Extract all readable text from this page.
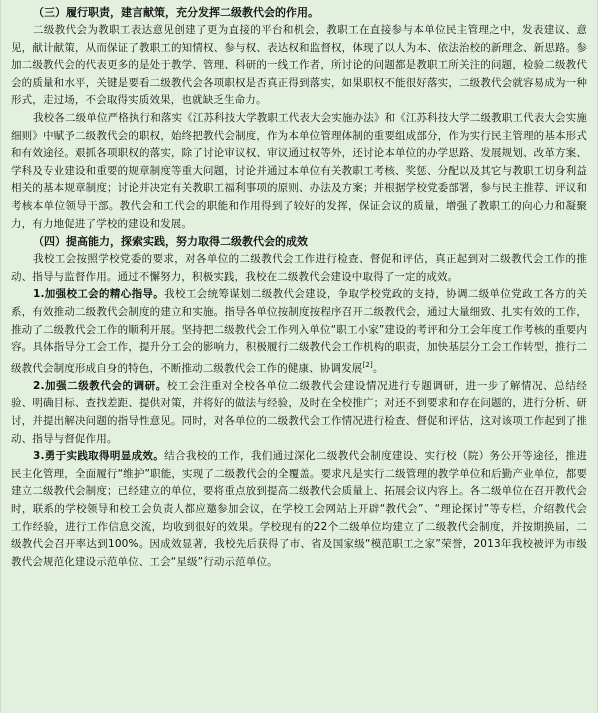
（三）履行职责，建言献策，充分发挥二级教代会的作用。

二级教代会为教职工表达意见创建了更为直接的平台和机会，教职工在直接参与本单位民主管理之中，发表建议、意见，献计献策，从而保证了教职工的知情权、参与权、表达权和监督权，体现了以人为本、依法治校的新理念、新思路。参加二级教代会的代表更多的是处于教学、管理、科研的一线工作者，所讨论的问题都是教职工所关注的问题，检验二级教代会的质量和水平，关键是要看二级教代会各项职权是否真正得到落实，如果职权不能很好落实，二级教代会就容易成为一种形式，走过场，不会取得实质效果，也就缺乏生命力。

我校各二级单位严格执行和落实《江苏科技大学教职工代表大会实施办法》和《江苏科技大学二级教职工代表大会实施细则》中赋予二级教代会的职权，始终把教代会制度，作为本单位管理体制的重要组成部分，作为实行民主管理的基本形式和有效途径。艰抓各项职权的落实，除了讨论审议权、审议通过权等外，还讨论本单位的办学思路、发展规划、改革方案、学科及专业建设和重要的规章制度等重大问题，讨论并通过本单位有关教职工考核、奖惩、分配以及其它与教职工切身利益相关的基本规章制度；讨论并决定有关教职工福利事项的原则、办法及方案；并根据学校党委部署，参与民主推荐、评议和考核本单位领导干部。教代会和工代会的职能和作用得到了较好的发挥，保证会议的质量，增强了教职工的向心力和凝聚力，有力地促进了学校的建设和发展。

（四）提高能力，探索实践，努力取得二级教代会的成效

我校工会按照学校党委的要求，对各单位的二级教代会工作进行检查、督促和评估，真正起到对二级教代会工作的推动、指导与监督作用。通过不懈努力，积极实践，我校在二级教代会建设中取得了一定的成效。

1.加强校工会的精心指导。我校工会统筹谋划二级教代会建设，争取学校党政的支持，协调二级单位党政工各方的关系，有效推动二级教代会制度的建立和实施。指导各单位按制度按程序召开二级教代会，通过大量细致、扎实有效的工作，推动了二级教代会工作的顺利开展。坚持把二级教代会工作列入单位“职工小家”建设的考评和分工会年度工作考核的重要内容。具体指导分工会工作，提升分工会的影响力，积极履行二级教代会工作机构的职责，加快基层分工会工作转型，推行二级教代会制度形成自身的特色，不断推动二级教代会工作的健康、协调发展[2]。

2.加强二级教代会的调研。校工会注重对全校各单位二级教代会建设情况进行专题调研，进一步了解情况、总结经验、明确目标、查找差距、提供对策，并将好的做法与经验，及时在全校推广；对还不到要求和存在问题的，进行分析、研讨，并提出解决问题的指导性意见。同时，对各单位的二级教代会工作情况进行检查、督促和评估，这对该项工作起到了推动、指导与督促作用。

3.勇于实践取得明显成效。结合我校的工作，我们通过深化二级教代会制度建设、实行校（院）务公开等途径，推进民主化管理，全面履行“维护”职能，实现了二级教代会的全覆盖。要求凡是实行二级管理的教学单位和后勤产业单位，都要建立二级教代会制度；已经建立的单位，要将重点放到提高二级教代会质量上、拓展会议内容上。各二级单位在召开教代会时，联系的学校领导和校工会负责人都应邀参加会议，在学校工会网站上开辟“教代会”、“理论探讨”等专栏，介绍教代会工作经验，进行工作信息交流，均收到很好的效果。学校现有的22个二级单位均建立了二级教代会制度，并按期换届，二级教代会召开率达到100%。因成效显著，我校先后获得了市、省及国家级“模范职工之家”荣誉，2013年我校被评为市级教代会规范化建设示范单位、工会“星级”行动示范单位。
